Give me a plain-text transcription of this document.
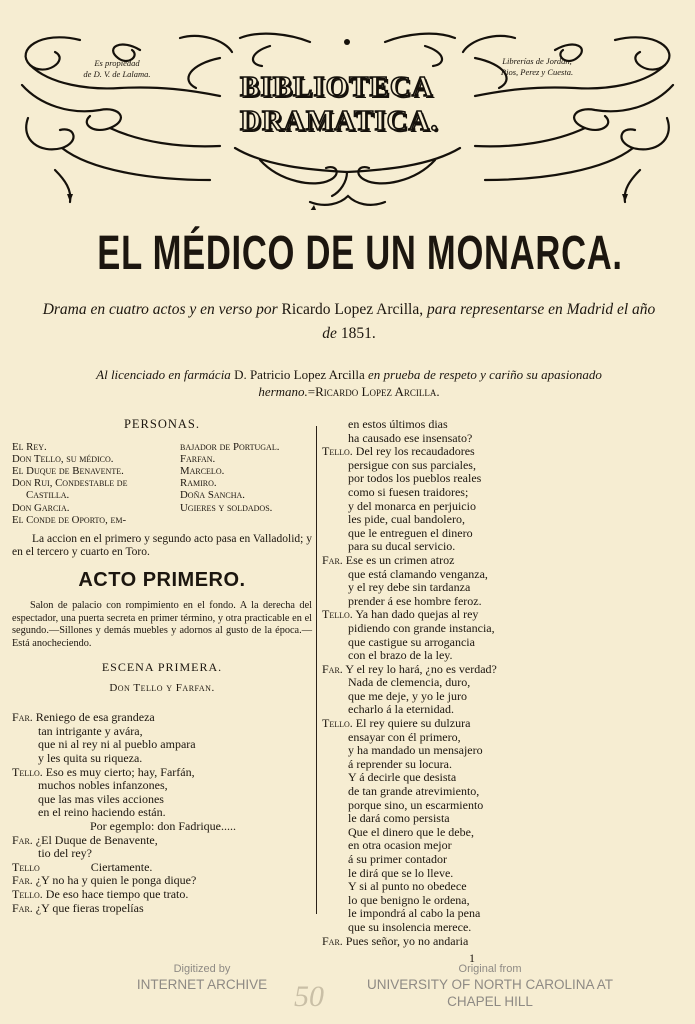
Es propiedad
de D. V. de Lalama.	BIBLIOTECA
DRAMATICA.
Librerías de Jordan,
Rios, Perez y Cuesta.
EL MÉDICO DE UN MONARCA.
Drama en cuatro actos y en verso por Ricardo Lopez Arcilla, para representarse en Madrid el año de 1851.
Al licenciado en farmácia D. Patricio Lopez Arcilla en prueba de respeto y cariño su apasionado hermano.=Ricardo Lopez Arcilla.
PERSONAS.
El Rey.
Don Tello, su médico.
El Duque de Benavente.
Don Rui, Condestable de
Castilla.
Don Garcia.
El Conde de Oporto, em-
bajador de Portugal.
Farfan.
Marcelo.
Ramiro.
Doña Sancha.
Ugieres y soldados.
La accion en el primero y segundo acto pasa en Valladolid; y en el tercero y cuarto en Toro.
ACTO PRIMERO.
Salon de palacio con rompimiento en el fondo. A la derecha del espectador, una puerta secreta en primer término, y otra practicable en el segundo.—Sillones y demás muebles y adornos al gusto de la época.—Está anocheciendo.
ESCENA PRIMERA.
Don Tello y Farfan.
Far. Reniego de esa grandeza
tan intrigante y avára,
que ni al rey ni al pueblo ampara
y les quita su riqueza.
Tello. Eso es muy cierto; hay, Farfán,
muchos nobles infanzones,
que las mas viles acciones
en el reino haciendo están.
Por egemplo: don Fadrique.....
Far. ¿El Duque de Benavente,
tio del rey?
Tello	Ciertamente.
Far. ¿Y no ha y quien le ponga dique?
Tello. De eso hace tiempo que trato.
Far. ¿Y que fieras tropelías
en estos últimos dias
ha causado ese insensato?
Tello. Del rey los recaudadores
persigue con sus parciales,
por todos los pueblos reales
como si fuesen traidores;
y del monarca en perjuicio
les pide, cual bandolero,
que le entreguen el dinero
para su ducal servicio.
Far. Ese es un crimen atroz
que está clamando venganza,
y el rey debe sin tardanza
prender á ese hombre feroz.
Tello. Ya han dado quejas al rey
pidiendo con grande instancia,
que castigue su arrogancia
con el brazo de la ley.
Far. Y el rey lo hará, ¿no es verdad?
Nada de clemencia, duro,
que me deje, y yo le juro
echarlo á la eternidad.
Tello. El rey quiere su dulzura
ensayar con él primero,
y ha mandado un mensajero
á reprender su locura.
Y á decirle que desista
de tan grande atrevimiento,
porque sino, un escarmiento
le dará como persista
Que el dinero que le debe,
en otra ocasion mejor
á su primer contador
le dirá que se lo lleve.
Y si al punto no obedece
lo que benigno le ordena,
le impondrá al cabo la pena
que su insolencia merece.
Far. Pues señor, yo no andaria
1
Digitized by
INTERNET ARCHIVE
Original from
UNIVERSITY OF NORTH CAROLINA AT
CHAPEL HILL
50
